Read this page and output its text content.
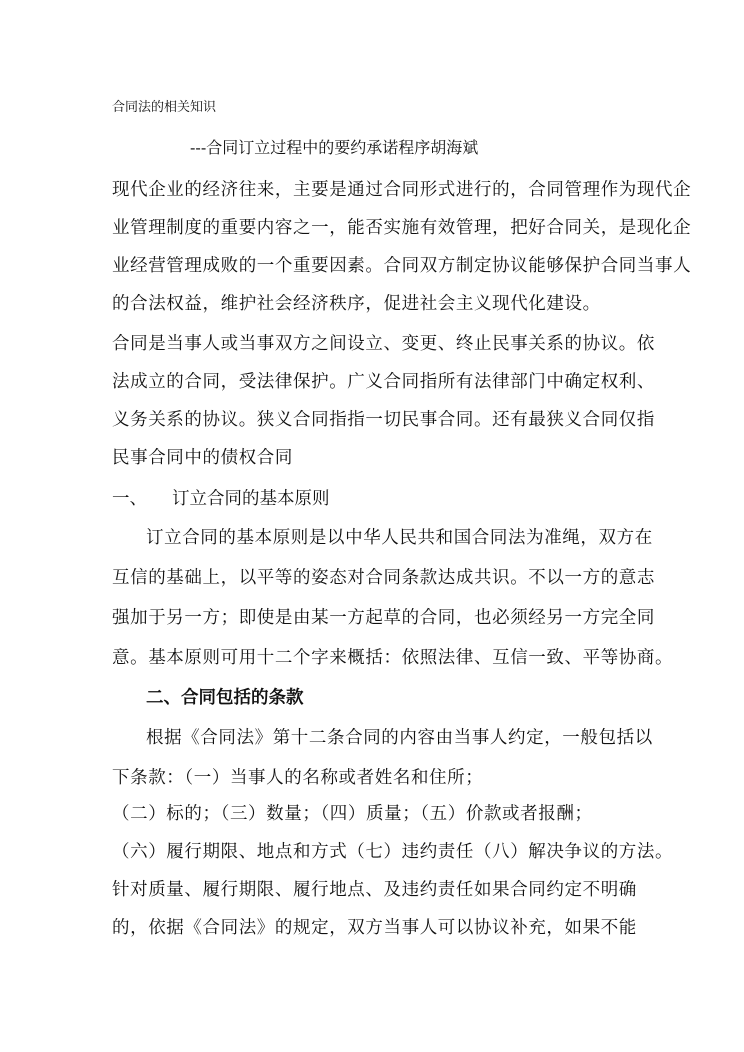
合同法的相关知识
---合同订立过程中的要约承诺程序胡海斌
现代企业的经济往来，主要是通过合同形式进行的，合同管理作为现代企
业管理制度的重要内容之一，能否实施有效管理，把好合同关，是现化企
业经营管理成败的一个重要因素。合同双方制定协议能够保护合同当事人
的合法权益，维护社会经济秩序，促进社会主义现代化建设。
合同是当事人或当事双方之间设立、变更、终止民事关系的协议。依
法成立的合同，受法律保护。广义合同指所有法律部门中确定权利、
义务关系的协议。狭义合同指指一切民事合同。还有最狭义合同仅指
民事合同中的债权合同
一、 订立合同的基本原则
订立合同的基本原则是以中华人民共和国合同法为准绳，双方在
互信的基础上，以平等的姿态对合同条款达成共识。不以一方的意志
强加于另一方；即使是由某一方起草的合同，也必须经另一方完全同
意。基本原则可用十二个字来概括：依照法律、互信一致、平等协商。
二、合同包括的条款
根据《合同法》第十二条合同的内容由当事人约定，一般包括以
下条款：（一）当事人的名称或者姓名和住所；
（二）标的；（三）数量；（四）质量；（五）价款或者报酬；
（六）履行期限、地点和方式（七）违约责任（八）解决争议的方法。
针对质量、履行期限、履行地点、及违约责任如果合同约定不明确
的，依据《合同法》的规定，双方当事人可以协议补充，如果不能
